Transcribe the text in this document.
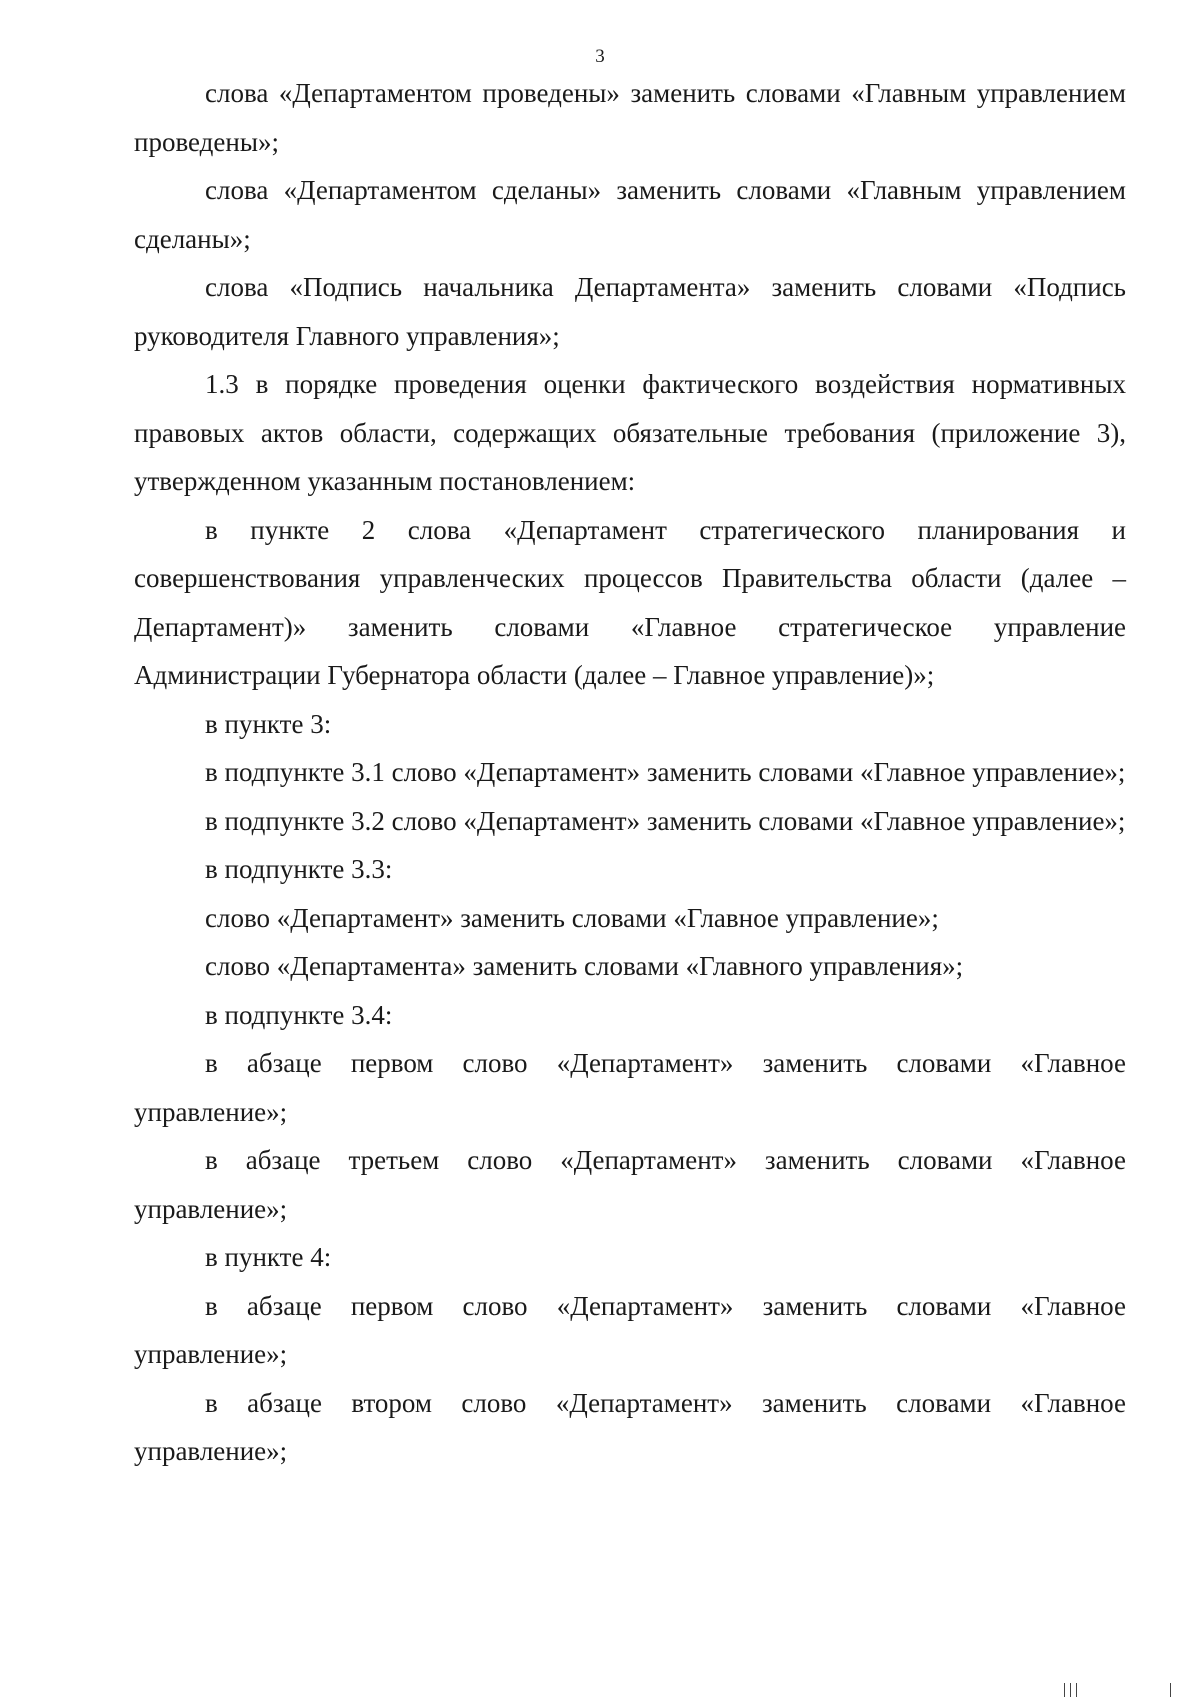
3

слова «Департаментом проведены» заменить словами «Главным управлением проведены»;

слова «Департаментом сделаны» заменить словами «Главным управлением сделаны»;

слова «Подпись начальника Департамента» заменить словами «Подпись руководителя Главного управления»;

1.3 в порядке проведения оценки фактического воздействия нормативных правовых актов области, содержащих обязательные требования (приложение 3), утвержденном указанным постановлением:

в пункте 2 слова «Департамент стратегического планирования и совершенствования управленческих процессов Правительства области (далее – Департамент)» заменить словами «Главное стратегическое управление Администрации Губернатора области (далее – Главное управление)»;

в пункте 3:

в подпункте 3.1 слово «Департамент» заменить словами «Главное управление»;

в подпункте 3.2 слово «Департамент» заменить словами «Главное управление»;

в подпункте 3.3:

слово «Департамент» заменить словами «Главное управление»;

слово «Департамента» заменить словами «Главного управления»;

в подпункте 3.4:

в абзаце первом слово «Департамент» заменить словами «Главное управление»;

в абзаце третьем слово «Департамент» заменить словами «Главное управление»;

в пункте 4:

в абзаце первом слово «Департамент» заменить словами «Главное управление»;

в абзаце втором слово «Департамент» заменить словами «Главное управление»;
